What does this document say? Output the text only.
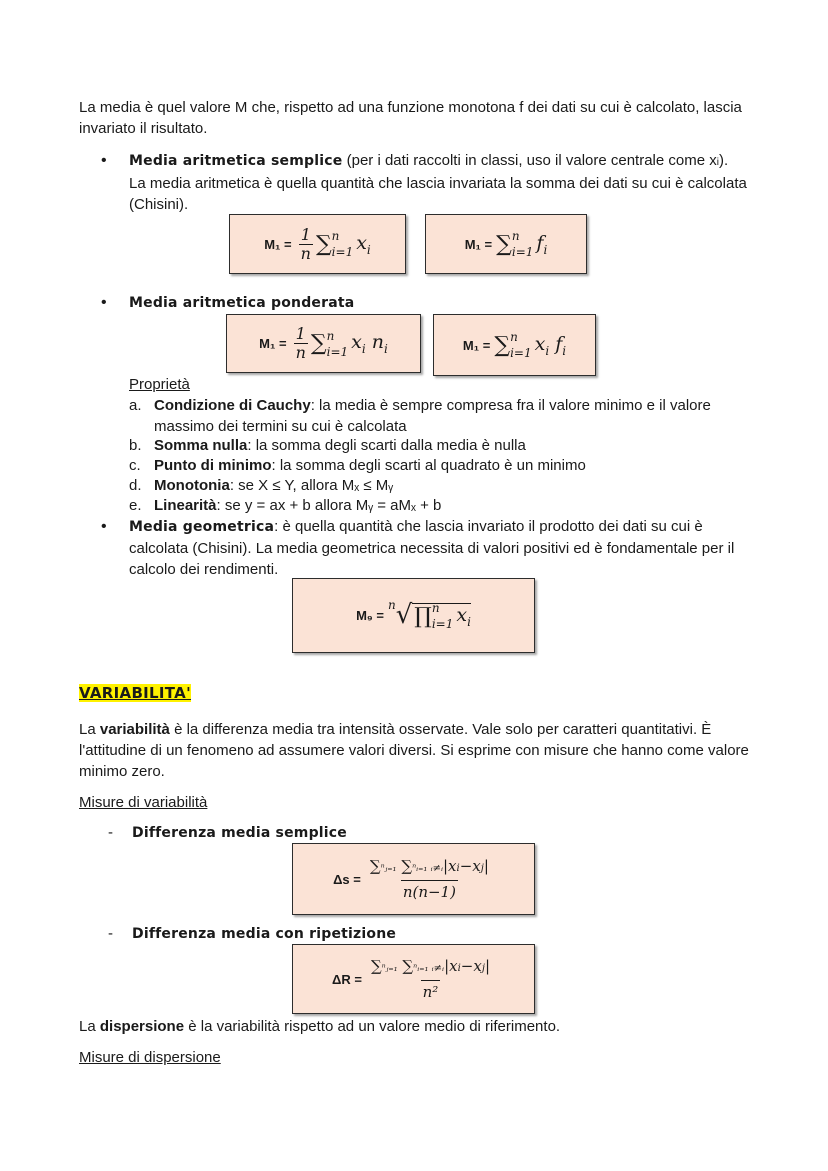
La media è quel valore M che, rispetto ad una funzione monotona f dei dati su cui è calcolato, lascia invariato il risultato.
• Media aritmetica semplice (per i dati raccolti in classi, uso il valore centrale come xi).
La media aritmetica è quella quantità che lascia invariata la somma dei dati su cui è calcolata (Chisini).
$M_1 = \frac{1}{n}$ ∑ n
i=1 $x_i$	M₁ = ∑ n
i=1 $f_i$
• Media aritmetica ponderata
$M_1 = \frac{1}{n}$ ∑ n
i=1 $x_i$ $n_i$	M₁ = ∑ n
i=1 $x_i$ $f_i$
Proprietà
a. Condizione di Cauchy: la media è sempre compresa fra il valore minimo e il valore massimo dei termini su cui è calcolata
b. Somma nulla: la somma degli scarti dalla media è nulla
c. Punto di minimo: la somma degli scarti al quadrato è un minimo
d. Monotonia: se X ≤ Y, allora Mₓ ≤ Mᵧ
e. Linearità: se y = ax + b allora Mᵧ = aMₓ + b
• Media geometrica: è quella quantità che lascia invariato il prodotto dei dati su cui è calcolata (Chisini). La media geometrica necessita di valori positivi ed è fondamentale per il calcolo dei rendimenti.
M₉ =
n √ ∏ n
i=1 $x_i$
VARIABILITA'
La variabilità è la differenza media tra intensità osservate. Vale solo per caratteri quantitativi. È l'attitudine di un fenomeno ad assumere valori diversi. Si esprime con misure che hanno come valore minimo zero.
Misure di variabilità
- Differenza media semplice
$\Delta s = \frac{\text{∑ⁿⱼ₌₁ ∑ⁿᵢ₌₁ ᵢ≠ᵢ|xi−xj|}}{n(n-1)}$
- Differenza media con ripetizione
$\Delta R = \frac{\text{∑ⁿⱼ₌₁ ∑ⁿᵢ₌₁ ᵢ≠ᵢ|xi−xj|}}{\text{n²}}$
La dispersione è la variabilità rispetto ad un valore medio di riferimento.
Misure di dispersione
